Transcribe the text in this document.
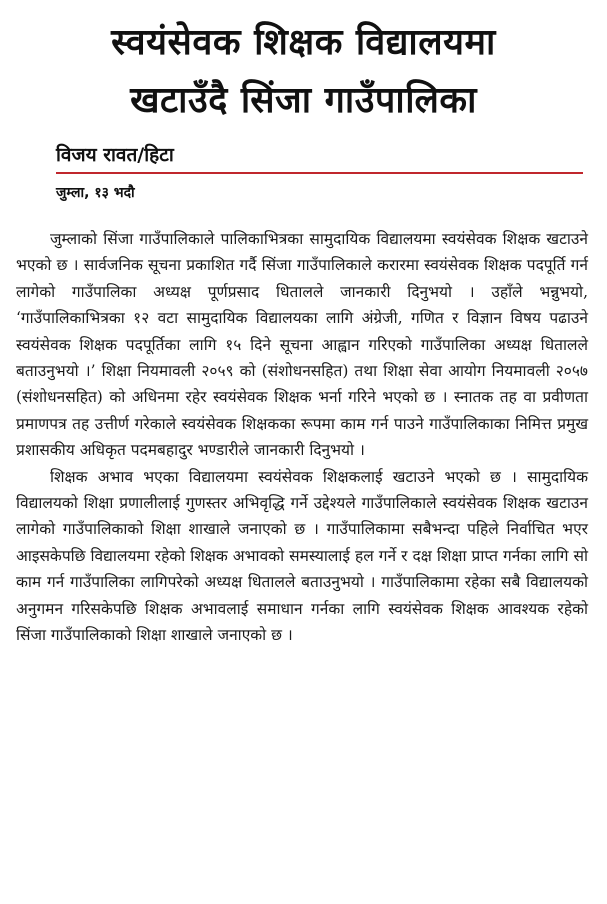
स्वयंसेवक शिक्षक विद्यालयमा
खटाउँदै सिंजा गाउँपालिका
विजय रावत/हिटा
जुम्ला, १३ भदौ

जुम्लाको सिंजा गाउँपालिकाले पालिकाभित्रका सामुदायिक विद्यालयमा स्वयंसेवक शिक्षक खटाउने भएको छ । सार्वजनिक सूचना प्रकाशित गर्दै सिंजा गाउँपालिकाले करारमा स्वयंसेवक शिक्षक पदपूर्ति गर्न लागेको गाउँपालिका अध्यक्ष पूर्णप्रसाद धितालले जानकारी दिनुभयो । उहाँले भन्नुभयो, ‘गाउँपालिकाभित्रका १२ वटा सामुदायिक विद्यालयका लागि अंग्रेजी, गणित र विज्ञान विषय पढाउने स्वयंसेवक शिक्षक पदपूर्तिका लागि १५ दिने सूचना आह्वान गरिएको गाउँपालिका अध्यक्ष धितालले बताउनुभयो ।’ शिक्षा नियमावली २०५९ को (संशोधनसहित) तथा शिक्षा सेवा आयोग नियमावली २०५७ (संशोधनसहित) को अधिनमा रहेर स्वयंसेवक शिक्षक भर्ना गरिने भएको छ । स्नातक तह वा प्रवीणता प्रमाणपत्र तह उत्तीर्ण गरेकाले स्वयंसेवक शिक्षकका रूपमा काम गर्न पाउने गाउँपालिकाका निमित्त प्रमुख प्रशासकीय अधिकृत पदमबहादुर भण्डारीले जानकारी दिनुभयो ।

शिक्षक अभाव भएका विद्यालयमा स्वयंसेवक शिक्षकलाई खटाउने भएको छ । सामुदायिक विद्यालयको शिक्षा प्रणालीलाई गुणस्तर अभिवृद्धि गर्ने उद्देश्यले गाउँपालिकाले स्वयंसेवक शिक्षक खटाउन लागेको गाउँपालिकाको शिक्षा शाखाले जनाएको छ । गाउँपालिकामा सबैभन्दा पहिले निर्वाचित भएर आइसकेपछि विद्यालयमा रहेको शिक्षक अभावको समस्यालाई हल गर्ने र दक्ष शिक्षा प्राप्त गर्नका लागि सो काम गर्न गाउँपालिका लागिपरेको अध्यक्ष धितालले बताउनुभयो । गाउँपालिकामा रहेका सबै विद्यालयको अनुगमन गरिसकेपछि शिक्षक अभावलाई समाधान गर्नका लागि स्वयंसेवक शिक्षक आवश्यक रहेको सिंजा गाउँपालिकाको शिक्षा शाखाले जनाएको छ ।
